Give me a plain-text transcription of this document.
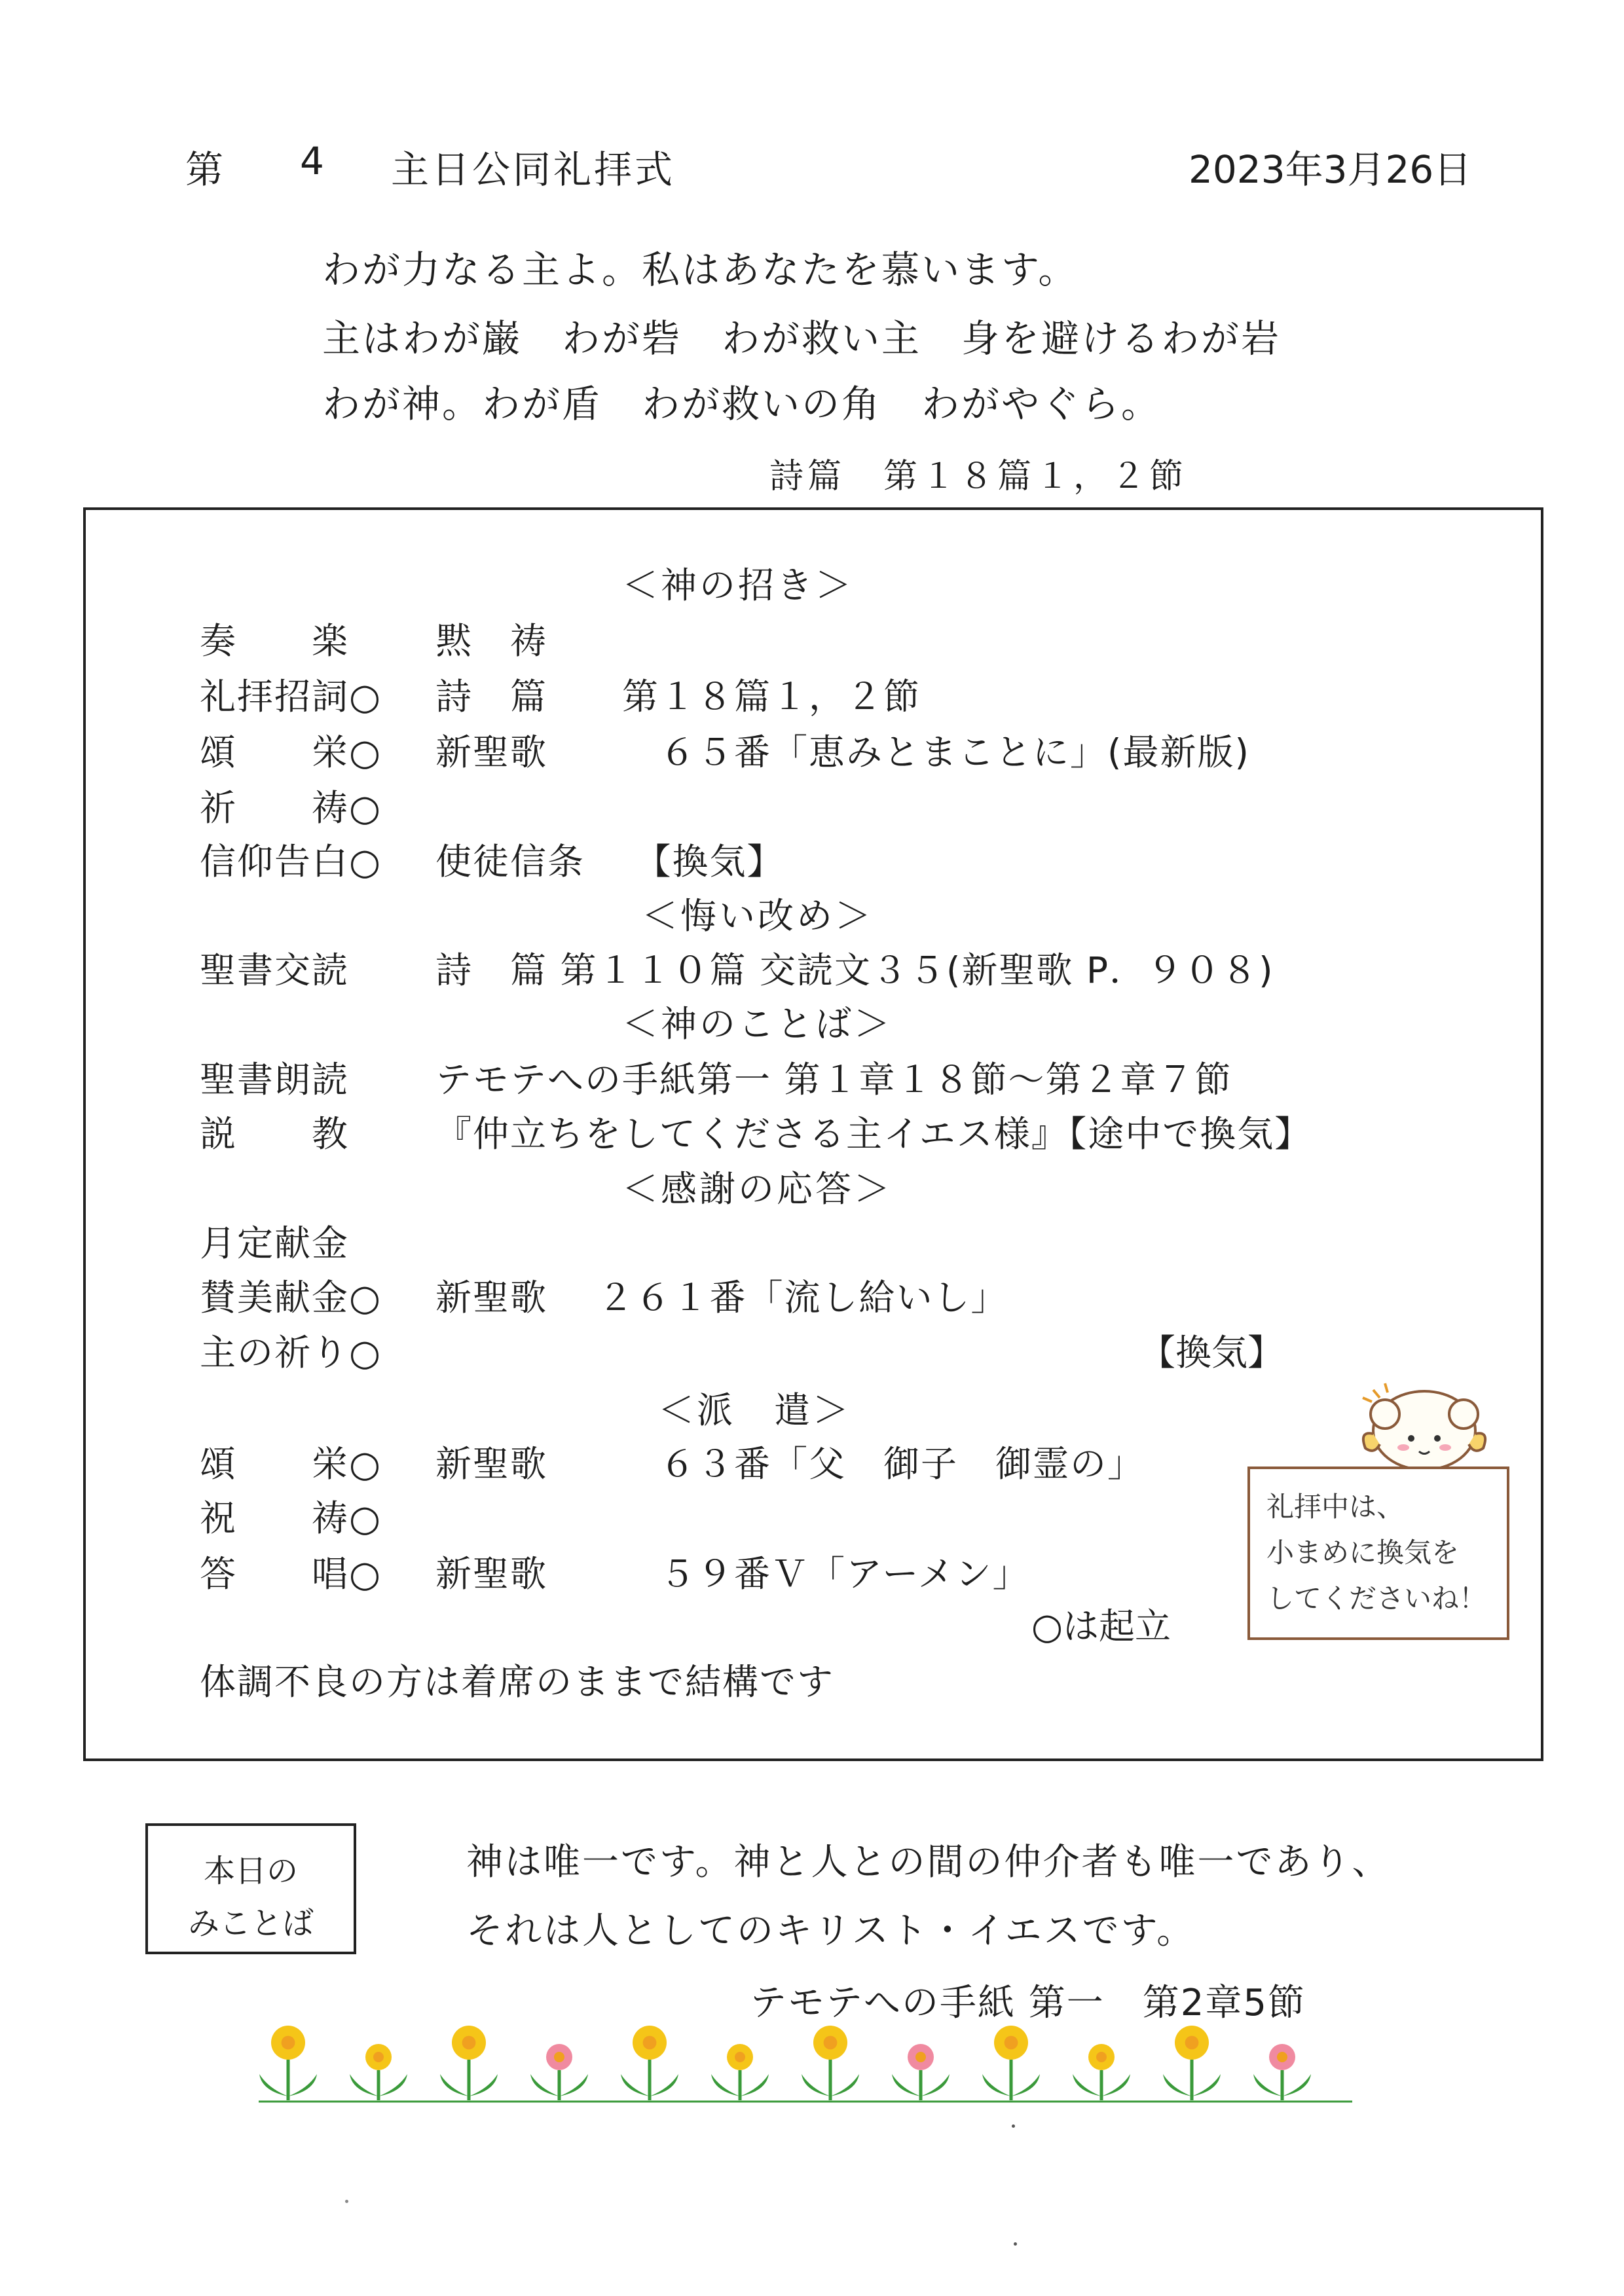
第 4 主日公同礼拝式	2023年3月26日
わが力なる主よ。私はあなたを慕います。
主はわが巌　わが砦　わが救い主　身を避けるわが岩
わが神。わが盾　わが救いの角　わがやぐら。
詩篇　第１８篇１，２節
＜神の招き＞
奏　　楽 黙　祷
礼拝招詞○ 詩　篇　　第１８篇１，２節
頌　　栄○ 新聖歌　　　６５番「恵みとまことに」(最新版)
祈　　祷○
信仰告白○ 使徒信条　 【換気】
＜悔い改め＞
聖書交読 詩　篇 第１１０篇 交読文３５(新聖歌 P．９０８)
＜神のことば＞
聖書朗読 テモテへの手紙第一 第１章１８節～第２章７節
説　　教 『仲立ちをしてくださる主イエス様』【途中で換気】
＜感謝の応答＞
月定献金
賛美献金○ 新聖歌　 ２６１番「流し給いし」
主の祈り○	【換気】
＜派　遣＞
頌　　栄○ 新聖歌　　　６３番「父　御子　御霊の」
祝　　祷○
答　　唱○ 新聖歌　　　５９番Ｖ「アーメン」
○は起立
体調不良の方は着席のままで結構です
礼拝中は、
小まめに換気を
してくださいね！
本日の
みことば
神は唯一です。神と人との間の仲介者も唯一であり、
それは人としてのキリスト・イエスです。
テモテへの手紙 第一　第2章5節
